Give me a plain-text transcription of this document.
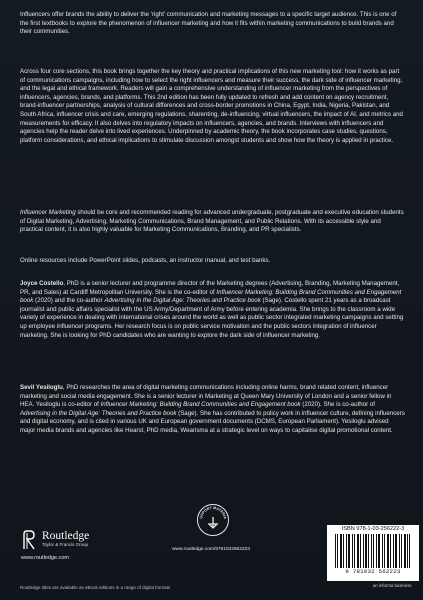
Influencers offer brands the ability to deliver the ‘right’ communication and marketing messages to a specific target audience. This is one of the first textbooks to explore the phenomenon of influencer marketing and how it fits within marketing communications to build brands and their communities.
Across four core sections, this book brings together the key theory and practical implications of this new marketing tool: how it works as part of communications campaigns, including how to select the right influencers and measure their success, the dark side of influencer marketing, and the legal and ethical framework. Readers will gain a comprehensive understanding of influencer marketing from the perspectives of influencers, agencies, brands, and platforms. This 2nd edition has been fully updated to refresh and add content on agency recruitment, brand-influencer partnerships, analysis of cultural differences and cross-border promotions in China, Egypt, India, Nigeria, Pakistan, and South Africa, influencer crisis and care, emerging regulations, sharenting, de-influencing, virtual influencers, the impact of AI, and metrics and measurements for efficacy. It also delves into regulatory impacts on influencers, agencies, and brands. Interviews with influencers and agencies help the reader delve into lived experiences. Underpinned by academic theory, the book incorporates case studies, questions, platform considerations, and ethical implications to stimulate discussion amongst students and show how the theory is applied in practice.
Influencer Marketing should be core and recommended reading for advanced undergraduate, postgraduate and executive education students of Digital Marketing, Advertising, Marketing Communications, Brand Management, and Public Relations. With its accessible style and practical content, it is also highly valuable for Marketing Communications, Branding, and PR specialists.
Online resources include PowerPoint slides, podcasts, an instructor manual, and test banks.
Joyce Costello, PhD is a senior lecturer and programme director of the Marketing degrees (Advertising, Branding, Marketing Management, PR, and Sales) at Cardiff Metropolitan University. She is the co-editor of Influencer Marketing: Building Brand Communities and Engagement book (2020) and the co-author Advertising in the Digital Age: Theories and Practice book (Sage). Costello spent 21 years as a broadcast journalist and public affairs specialist with the US Army/Department of Army before entering academia. She brings to the classroom a wide variety of experience in dealing with international crises around the world as well as public sector integrated marketing campaigns and setting up employee influencer programs. Her research focus is on public service motivation and the public sectors integration of influencer marketing. She is looking for PhD candidates who are wanting to explore the dark side of influencer marketing.
Sevil Yesiloglu, PhD researches the area of digital marketing communications including online harms, brand related content, influencer marketing and social media engagement. She is a senior lecturer in Marketing at Queen Mary University of London and a senior fellow in HEA. Yesiloglu is co-editor of Influencer Marketing: Building Brand Communities and Engagement book (2020). She is co-author of Advertising in the Digital Age: Theories and Practice book (Sage). She has contributed to policy work in influencer culture, defining influencers and digital economy, and is cited in various UK and European government documents (DCMS, European Parliament). Yesiloglu advised major media brands and agencies like Hearst, PhD media, Wearisma at a strategic level on ways to capitalise digital promotional content.
Routledge
Taylor & Francis Group
www.routledge.com
UPPORT MATERIA
www.routledge.com/9781032562223
ISBN 978-1-03-256222-3
9 781032 562223
an informa business
Routledge titles are available as eBook editions in a range of digital formats
